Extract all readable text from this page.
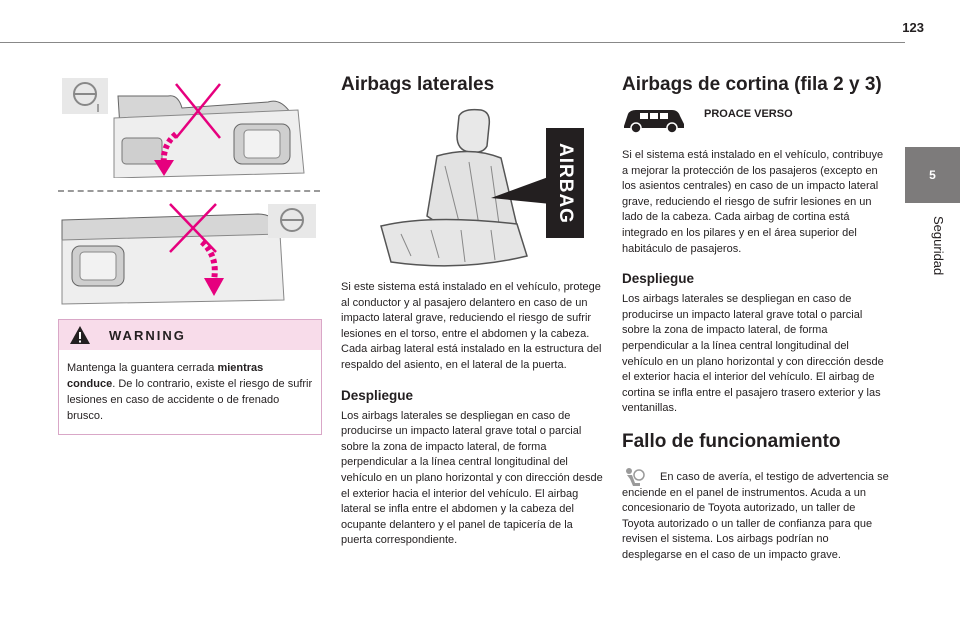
123
5
Seguridad
WARNING
Mantenga la guantera cerrada mientras conduce. De lo contrario, existe el riesgo de sufrir lesiones en caso de accidente o de frenado brusco.
Airbags laterales
AIRBAG

Si este sistema está instalado en el vehículo, protege al conductor y al pasajero delantero en caso de un impacto lateral grave, reduciendo el riesgo de sufrir lesiones en el torso, entre el abdomen y la cabeza. Cada airbag lateral está instalado en la estructura del respaldo del asiento, en el lateral de la puerta.

Despliegue

Los airbags laterales se despliegan en caso de producirse un impacto lateral grave total o parcial sobre la zona de impacto lateral, de forma perpendicular a la línea central longitudinal del vehículo en un plano horizontal y con dirección desde el exterior hacia el interior del vehículo. El airbag lateral se infla entre el abdomen y la cabeza del ocupante delantero y el panel de tapicería de la puerta correspondiente.

Airbags de cortina (fila 2 y 3)
PROACE VERSO

Si el sistema está instalado en el vehículo, contribuye a mejorar la protección de los pasajeros (excepto en los asientos centrales) en caso de un impacto lateral grave, reduciendo el riesgo de sufrir lesiones en un lado de la cabeza. Cada airbag de cortina está integrado en los pilares y en el área superior del habitáculo de pasajeros.

Despliegue

Los airbags laterales se despliegan en caso de producirse un impacto lateral grave total o parcial sobre la zona de impacto lateral, de forma perpendicular a la línea central longitudinal del vehículo en un plano horizontal y con dirección desde el exterior hacia el interior del vehículo. El airbag de cortina se infla entre el pasajero trasero exterior y las ventanillas.

Fallo de funcionamiento

En caso de avería, el testigo de advertencia se enciende en el panel de instrumentos. Acuda a un concesionario de Toyota autorizado, un taller de Toyota autorizado o un taller de confianza para que revisen el sistema. Los airbags podrían no desplegarse en el caso de un impacto grave.
